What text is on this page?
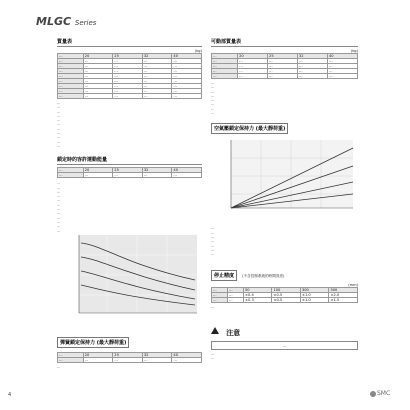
MLGC Series
質量表
(kg)
…	20	25	32	40
…	…	…	…	…
…	…	…	…	…
…	…	…	…	…
…	…	…	…	…
…	…	…	…	…
…	…	…	…	…
…	…	…	…	…
…	…	…	…	…
…
…
…
…
…
…
…
…
…
…
…
鎖定時的容許運動能量
…	20	25	32	40
…	…	…	…	…
…
…
…
…
…
…
…
…
…
…
…
…
彈簧鎖定保持力 (最大靜荷重)
…	20	25	32	40
…	…	…	…	…
…
可動部質量表
(kg)
…	20	25	32	40
…	…	…	…	…
…	…	…	…	…
…	…	…	…	…
…	…	…	…	…
…
…
…
…
…
…
…
…
空氣壓鎖定保持力 (最大靜荷重)
…
…
…
…
…
…
…
停止精度 (不含控制系統的時間誤差)
(mm)
…	…	50	100	300	500
…	…	±0.4	±0.5	±1.0	±2.0
…	…	±0.3	±0.5	±1.0	±1.5
…
注意
…
…
…
4	SMC
